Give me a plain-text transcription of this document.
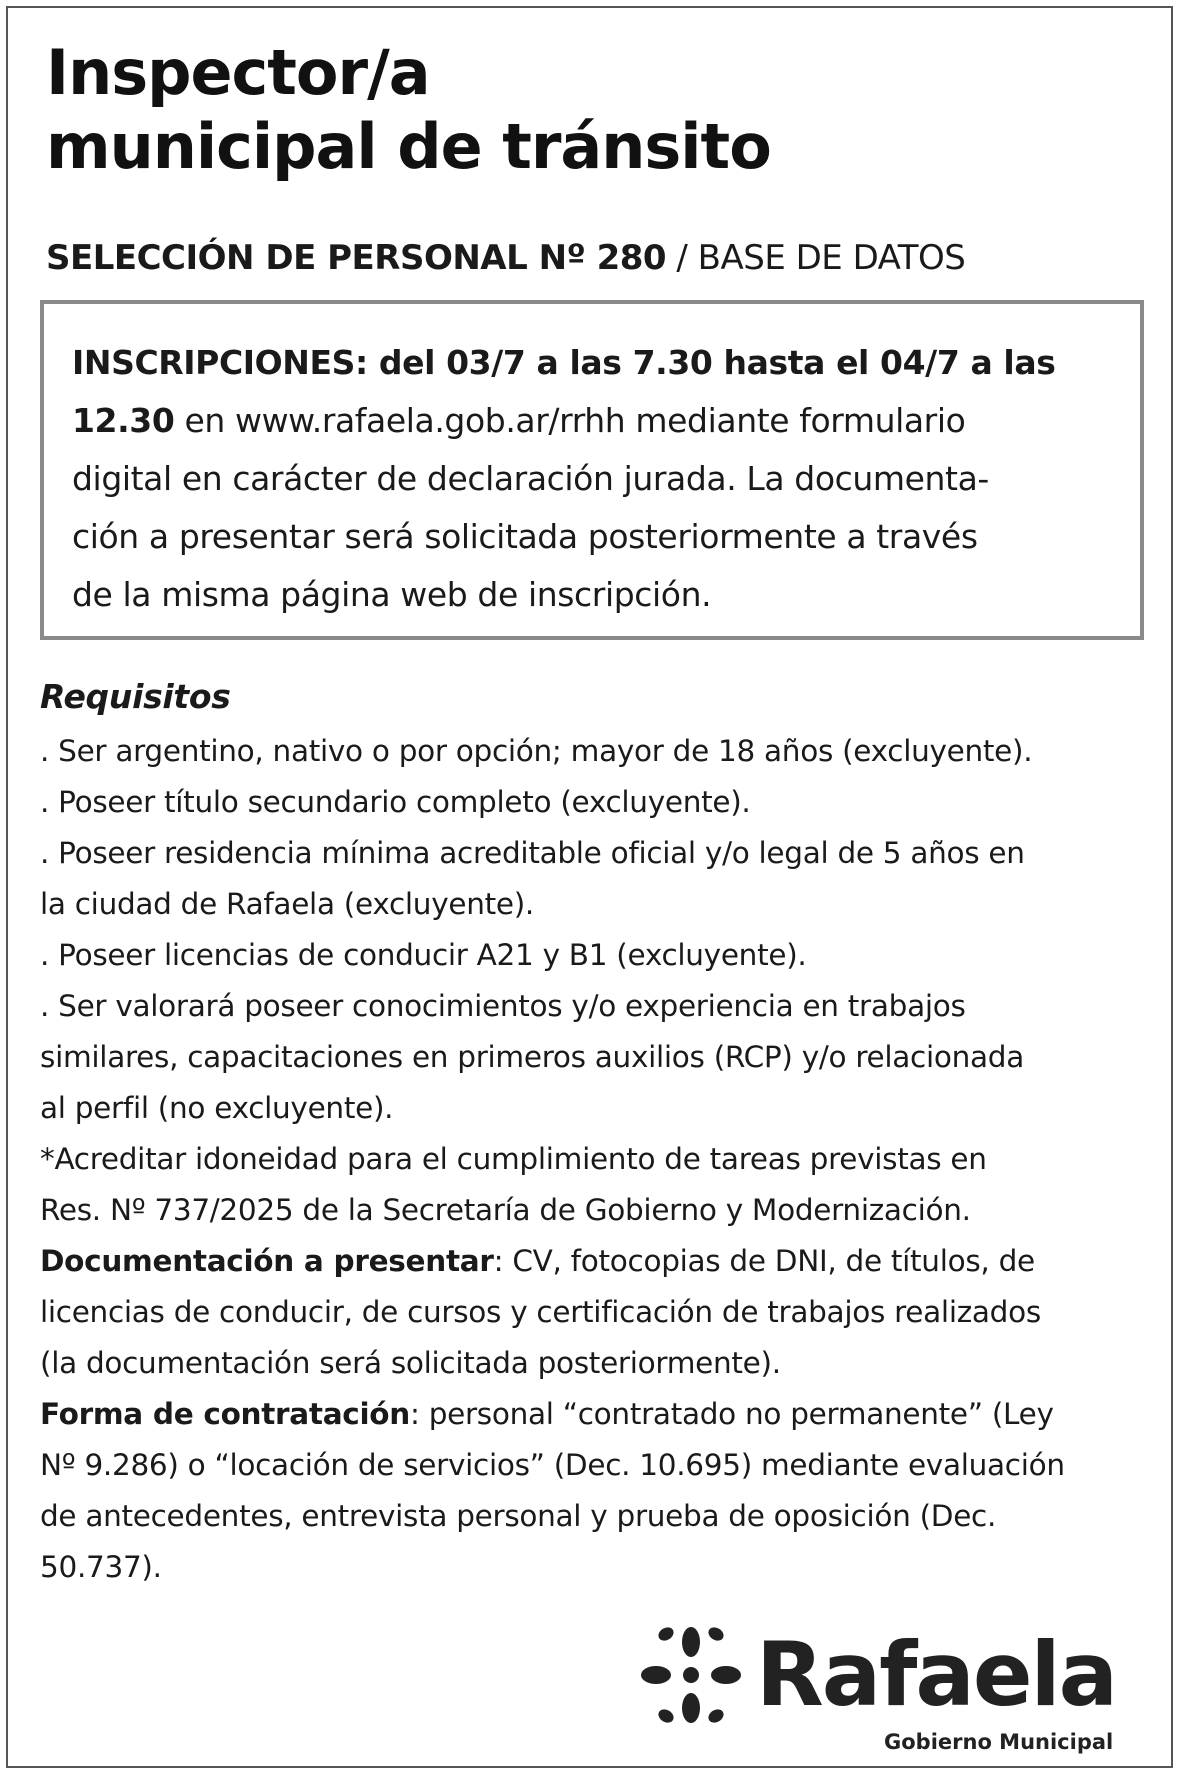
Inspector/a
municipal de tránsito
SELECCIÓN DE PERSONAL Nº 280 / BASE DE DATOS
INSCRIPCIONES: del 03/7 a las 7.30 hasta el 04/7 a las
12.30 en www.rafaela.gob.ar/rrhh mediante formulario
digital en carácter de declaración jurada. La documenta-
ción a presentar será solicitada posteriormente a través
de la misma página web de inscripción.
Requisitos
. Ser argentino, nativo o por opción; mayor de 18 años (excluyente).
. Poseer título secundario completo (excluyente).
. Poseer residencia mínima acreditable oficial y/o legal de 5 años en
la ciudad de Rafaela (excluyente).
. Poseer licencias de conducir A21 y B1 (excluyente).
. Ser valorará poseer conocimientos y/o experiencia en trabajos
similares, capacitaciones en primeros auxilios (RCP) y/o relacionada
al perfil (no excluyente).
*Acreditar idoneidad para el cumplimiento de tareas previstas en
Res. Nº 737/2025 de la Secretaría de Gobierno y Modernización.
Documentación a presentar: CV, fotocopias de DNI, de títulos, de
licencias de conducir, de cursos y certificación de trabajos realizados
(la documentación será solicitada posteriormente).
Forma de contratación: personal “contratado no permanente” (Ley
Nº 9.286) o “locación de servicios” (Dec. 10.695) mediante evaluación
de antecedentes, entrevista personal y prueba de oposición (Dec.
50.737).
Rafaela
Gobierno Municipal
